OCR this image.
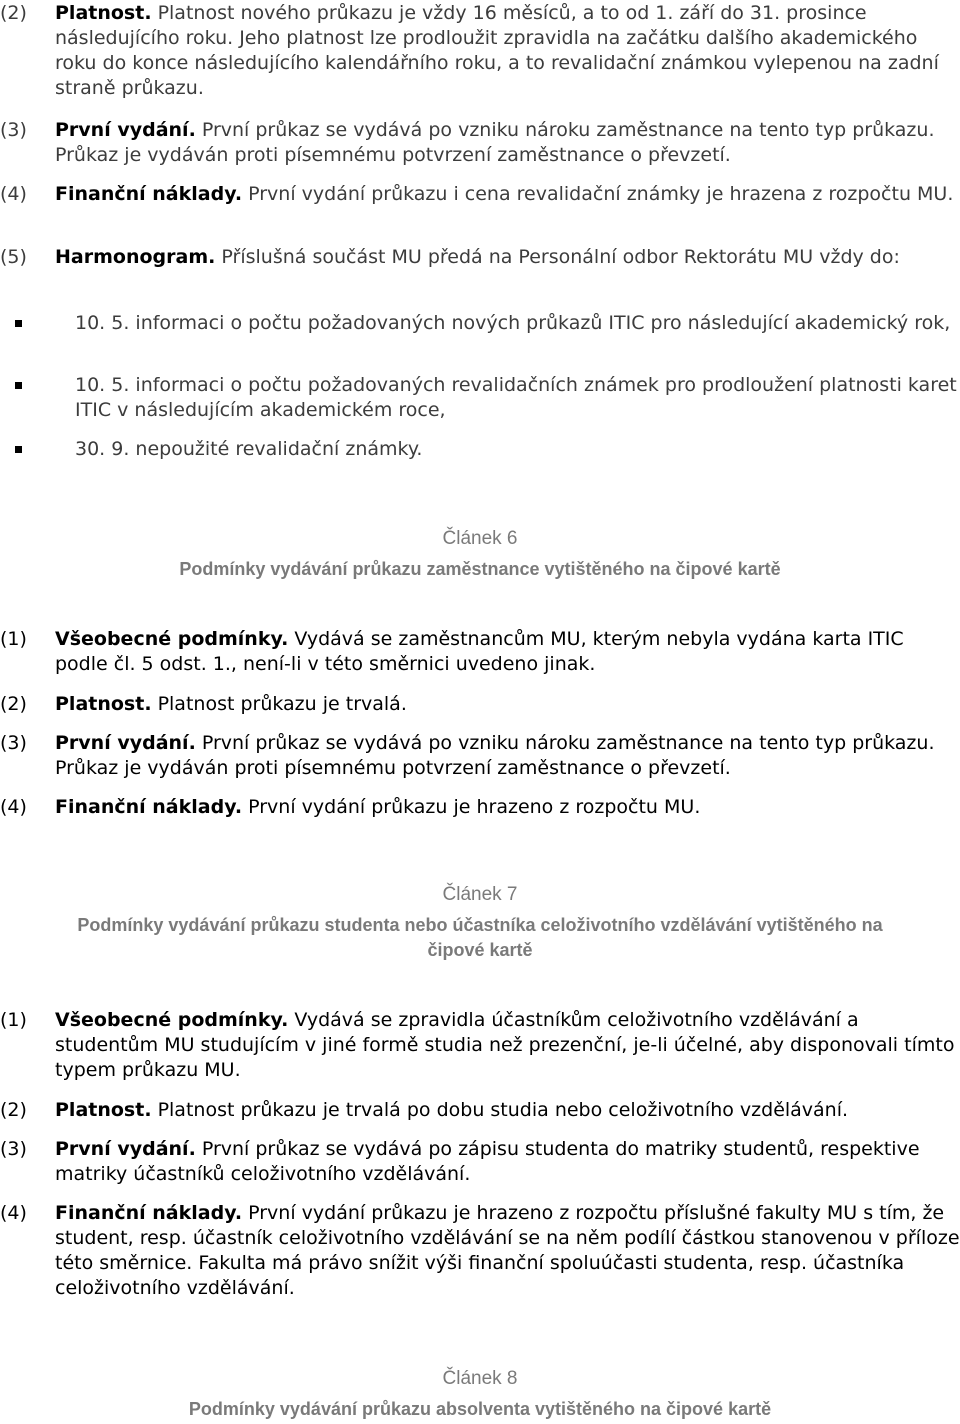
(2) Platnost. Platnost nového průkazu je vždy 16 měsíců, a to od 1. září do 31. prosince následujícího roku. Jeho platnost lze prodloužit zpravidla na začátku dalšího akademického roku do konce následujícího kalendářního roku, a to revalidační známkou vylepenou na zadní straně průkazu.
(3) První vydání. První průkaz se vydává po vzniku nároku zaměstnance na tento typ průkazu. Průkaz je vydáván proti písemnému potvrzení zaměstnance o převzetí.
(4) Finanční náklady. První vydání průkazu i cena revalidační známky je hrazena z rozpočtu MU.
(5) Harmonogram. Příslušná součást MU předá na Personální odbor Rektorátu MU vždy do:
10. 5. informaci o počtu požadovaných nových průkazů ITIC pro následující akademický rok,
10. 5. informaci o počtu požadovaných revalidačních známek pro prodloužení platnosti karet ITIC v následujícím akademickém roce,
30. 9. nepoužité revalidační známky.
Článek 6
Podmínky vydávání průkazu zaměstnance vytištěného na čipové kartě
(1) Všeobecné podmínky. Vydává se zaměstnancům MU, kterým nebyla vydána karta ITIC podle čl. 5 odst. 1., není-li v této směrnici uvedeno jinak.
(2) Platnost. Platnost průkazu je trvalá.
(3) První vydání. První průkaz se vydává po vzniku nároku zaměstnance na tento typ průkazu. Průkaz je vydáván proti písemnému potvrzení zaměstnance o převzetí.
(4) Finanční náklady. První vydání průkazu je hrazeno z rozpočtu MU.
Článek 7
Podmínky vydávání průkazu studenta nebo účastníka celoživotního vzdělávání vytištěného na
čipové kartě
(1) Všeobecné podmínky. Vydává se zpravidla účastníkům celoživotního vzdělávání a studentům MU studujícím v jiné formě studia než prezenční, je-li účelné, aby disponovali tímto typem průkazu MU.
(2) Platnost. Platnost průkazu je trvalá po dobu studia nebo celoživotního vzdělávání.
(3) První vydání. První průkaz se vydává po zápisu studenta do matriky studentů, respektive matriky účastníků celoživotního vzdělávání.
(4) Finanční náklady. První vydání průkazu je hrazeno z rozpočtu příslušné fakulty MU s tím, že student, resp. účastník celoživotního vzdělávání se na něm podílí částkou stanovenou v příloze této směrnice. Fakulta má právo snížit výši finanční spoluúčasti studenta, resp. účastníka celoživotního vzdělávání.
Článek 8
Podmínky vydávání průkazu absolventa vytištěného na čipové kartě
